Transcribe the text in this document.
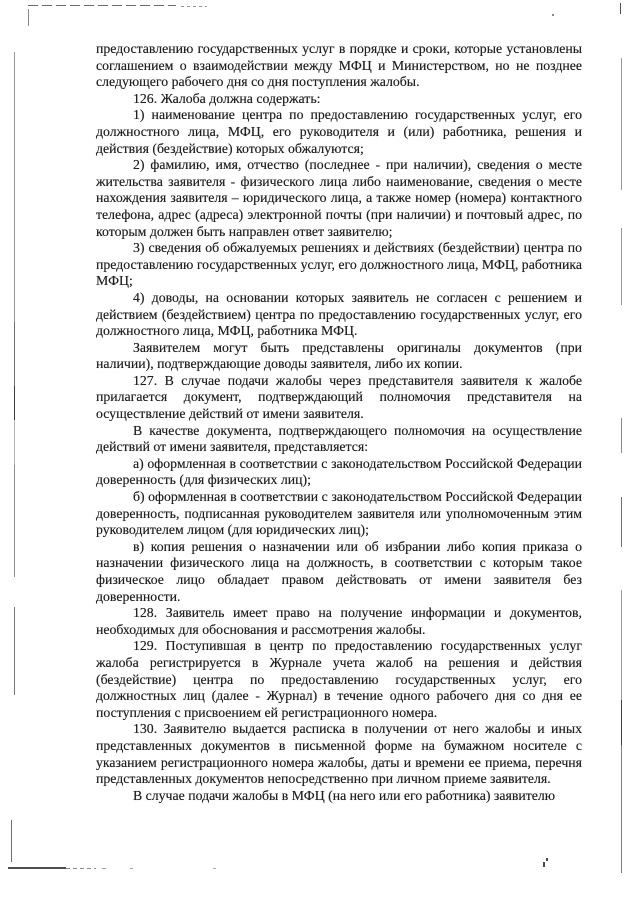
предоставлению государственных услуг в порядке и сроки, которые установлены соглашением о взаимодействии между МФЦ и Министерством, но не позднее следующего рабочего дня со дня поступления жалобы.

126. Жалоба должна содержать:

1) наименование центра по предоставлению государственных услуг, его должностного лица, МФЦ, его руководителя и (или) работника, решения и действия (бездействие) которых обжалуются;

2) фамилию, имя, отчество (последнее - при наличии), сведения о месте жительства заявителя - физического лица либо наименование, сведения о месте нахождения заявителя – юридического лица, а также номер (номера) контактного телефона, адрес (адреса) электронной почты (при наличии) и почтовый адрес, по которым должен быть направлен ответ заявителю;

3) сведения об обжалуемых решениях и действиях (бездействии) центра по предоставлению государственных услуг, его должностного лица, МФЦ, работника МФЦ;

4) доводы, на основании которых заявитель не согласен с решением и действием (бездействием) центра по предоставлению государственных услуг, его должностного лица, МФЦ, работника МФЦ.

Заявителем могут быть представлены оригиналы документов (при наличии), подтверждающие доводы заявителя, либо их копии.

127. В случае подачи жалобы через представителя заявителя к жалобе прилагается документ, подтверждающий полномочия представителя на осуществление действий от имени заявителя.

В качестве документа, подтверждающего полномочия на осуществление действий от имени заявителя, представляется:

а) оформленная в соответствии с законодательством Российской Федерации доверенность (для физических лиц);

б) оформленная в соответствии с законодательством Российской Федерации доверенность, подписанная руководителем заявителя или уполномоченным этим руководителем лицом (для юридических лиц);

в) копия решения о назначении или об избрании либо копия приказа о назначении физического лица на должность, в соответствии с которым такое физическое лицо обладает правом действовать от имени заявителя без доверенности.

128. Заявитель имеет право на получение информации и документов, необходимых для обоснования и рассмотрения жалобы.

129. Поступившая в центр по предоставлению государственных услуг жалоба регистрируется в Журнале учета жалоб на решения и действия (бездействие) центра по предоставлению государственных услуг, его должностных лиц (далее - Журнал) в течение одного рабочего дня со дня ее поступления с присвоением ей регистрационного номера.

130. Заявителю выдается расписка в получении от него жалобы и иных представленных документов в письменной форме на бумажном носителе с указанием регистрационного номера жалобы, даты и времени ее приема, перечня представленных документов непосредственно при личном приеме заявителя.

В случае подачи жалобы в МФЦ (на него или его работника) заявителю
